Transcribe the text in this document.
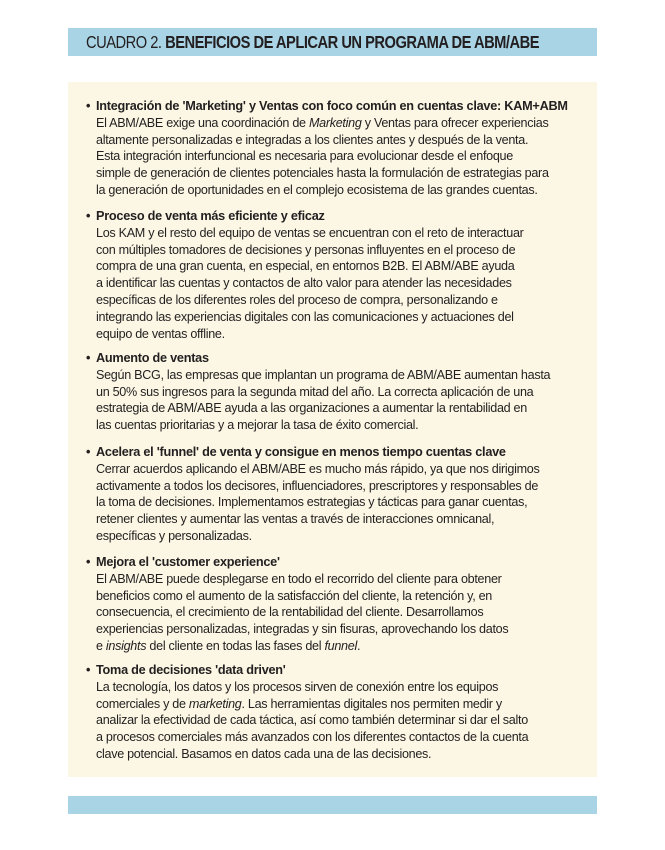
CUADRO 2. BENEFICIOS DE APLICAR UN PROGRAMA DE ABM/ABE
• Integración de 'Marketing' y Ventas con foco común en cuentas clave: KAM+ABM
El ABM/ABE exige una coordinación de Marketing y Ventas para ofrecer experiencias
altamente personalizadas e integradas a los clientes antes y después de la venta.
Esta integración interfuncional es necesaria para evolucionar desde el enfoque
simple de generación de clientes potenciales hasta la formulación de estrategias para
la generación de oportunidades en el complejo ecosistema de las grandes cuentas.
• Proceso de venta más eficiente y eficaz
Los KAM y el resto del equipo de ventas se encuentran con el reto de interactuar
con múltiples tomadores de decisiones y personas influyentes en el proceso de
compra de una gran cuenta, en especial, en entornos B2B. El ABM/ABE ayuda
a identificar las cuentas y contactos de alto valor para atender las necesidades
específicas de los diferentes roles del proceso de compra, personalizando e
integrando las experiencias digitales con las comunicaciones y actuaciones del
equipo de ventas offline.
• Aumento de ventas
Según BCG, las empresas que implantan un programa de ABM/ABE aumentan hasta
un 50% sus ingresos para la segunda mitad del año. La correcta aplicación de una
estrategia de ABM/ABE ayuda a las organizaciones a aumentar la rentabilidad en
las cuentas prioritarias y a mejorar la tasa de éxito comercial.
• Acelera el 'funnel' de venta y consigue en menos tiempo cuentas clave
Cerrar acuerdos aplicando el ABM/ABE es mucho más rápido, ya que nos dirigimos
activamente a todos los decisores, influenciadores, prescriptores y responsables de
la toma de decisiones. Implementamos estrategias y tácticas para ganar cuentas,
retener clientes y aumentar las ventas a través de interacciones omnicanal,
específicas y personalizadas.
• Mejora el 'customer experience'
El ABM/ABE puede desplegarse en todo el recorrido del cliente para obtener
beneficios como el aumento de la satisfacción del cliente, la retención y, en
consecuencia, el crecimiento de la rentabilidad del cliente. Desarrollamos
experiencias personalizadas, integradas y sin fisuras, aprovechando los datos
e insights del cliente en todas las fases del funnel.
• Toma de decisiones 'data driven'
La tecnología, los datos y los procesos sirven de conexión entre los equipos
comerciales y de marketing. Las herramientas digitales nos permiten medir y
analizar la efectividad de cada táctica, así como también determinar si dar el salto
a procesos comerciales más avanzados con los diferentes contactos de la cuenta
clave potencial. Basamos en datos cada una de las decisiones.
